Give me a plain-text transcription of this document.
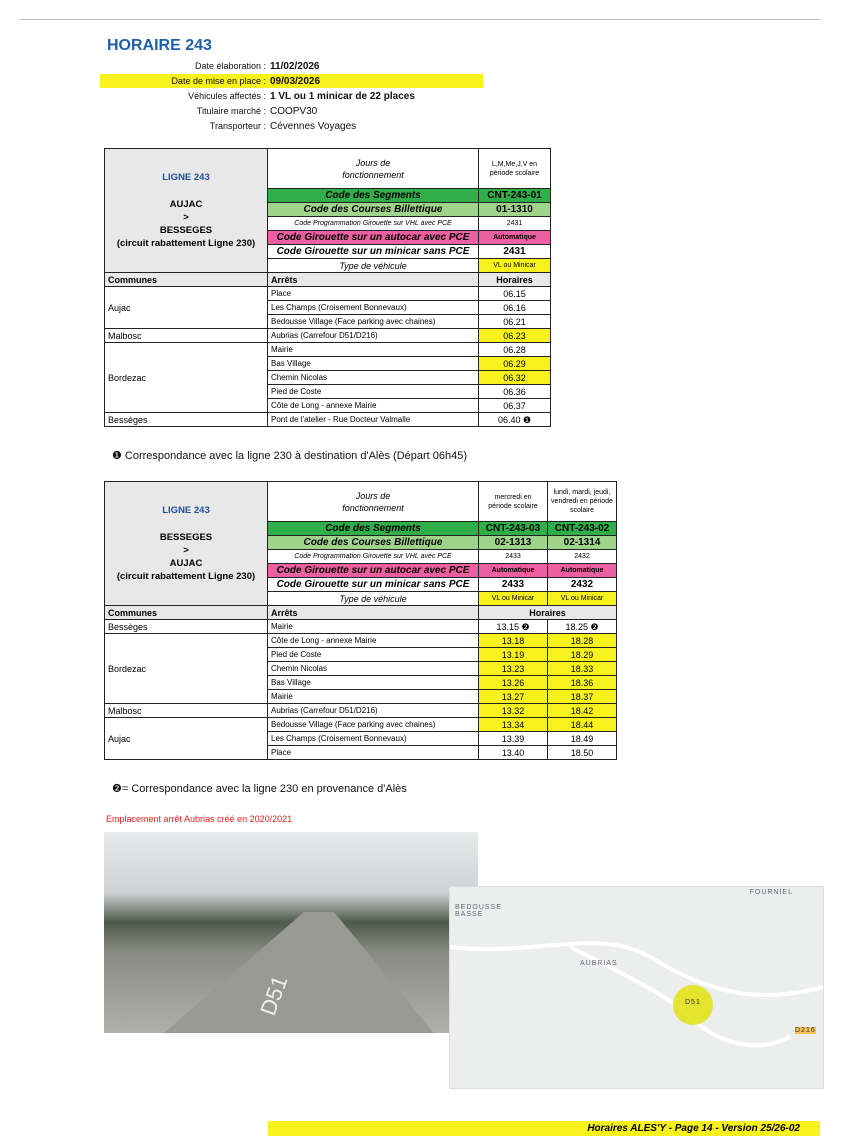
HORAIRE 243
Date élaboration : 11/02/2026
Date de mise en place : 09/03/2026
Véhicules affectés : 1 VL ou 1 minicar de 22 places
Titulaire marché : COOPV30
Transporteur : Cévennes Voyages
LIGNE 243
AUJAC
>
BESSEGES
(circuit rabattement Ligne 230)	Jours de fonctionnement	L,M,Me,J,V en période scolaire
	Code des Segments	CNT-243-01
	Code des Courses Billettique	01-1310
	Code Programmation Girouette sur VHL avec PCE	2431
	Code Girouette sur un autocar avec PCE	Automatique
	Code Girouette sur un minicar sans PCE	2431
	Type de véhicule	VL ou Minicar
Communes	Arrêts	Horaires
Aujac	Place	06.15
	Les Champs (Croisement Bonnevaux)	06.16
	Bedousse Village (Face parking avec chaines)	06.21
Malbosc	Aubrias (Carrefour D51/D216)	06.23
Bordezac	Mairie	06.28
	Bas Village	06.29
	Chemin Nicolas	06.32
	Pied de Coste	06.36
	Côte de Long - annexe Mairie	06.37
Bessèges	Pont de l'atelier - Rue Docteur Valmalle	06.40 ❶
❶ Correspondance avec la ligne 230 à destination d'Alès (Départ 06h45)
LIGNE 243
BESSEGES
>
AUJAC
(circuit rabattement Ligne 230)	Jours de fonctionnement	mercredi en période scolaire	lundi, mardi, jeudi, vendredi en période scolaire
	Code des Segments	CNT-243-03	CNT-243-02
	Code des Courses Billettique	02-1313	02-1314
	Code Programmation Girouette sur VHL avec PCE	2433	2432
	Code Girouette sur un autocar avec PCE	Automatique	Automatique
	Code Girouette sur un minicar sans PCE	2433	2432
	Type de véhicule	VL ou Minicar	VL ou Minicar
Communes	Arrêts	Horaires	
Bessèges	Mairie	13.15 ❷	18.25 ❷
Bordezac	Côte de Long - annexe Mairie	13.18	18.28
	Pied de Coste	13.19	18.29
	Chemin Nicolas	13.23	18.33
	Bas Village	13.26	18.36
	Mairie	13.27	18.37
Malbosc	Aubrias (Carrefour D51/D216)	13.32	18.42
Aujac	Bedousse Village (Face parking avec chaines)	13.34	18.44
	Les Champs (Croisement Bonnevaux)	13.39	18.49
	Place	13.40	18.50
❷= Correspondance avec la ligne 230 en provenance d'Alès
Emplacement arrêt Aubrias créé en 2020/2021
D51
FOURNIEL
BEDOUSSE BASSE
AUBRIAS
D51
D216
Horaires ALES'Y - Page 14 - Version 25/26-02
